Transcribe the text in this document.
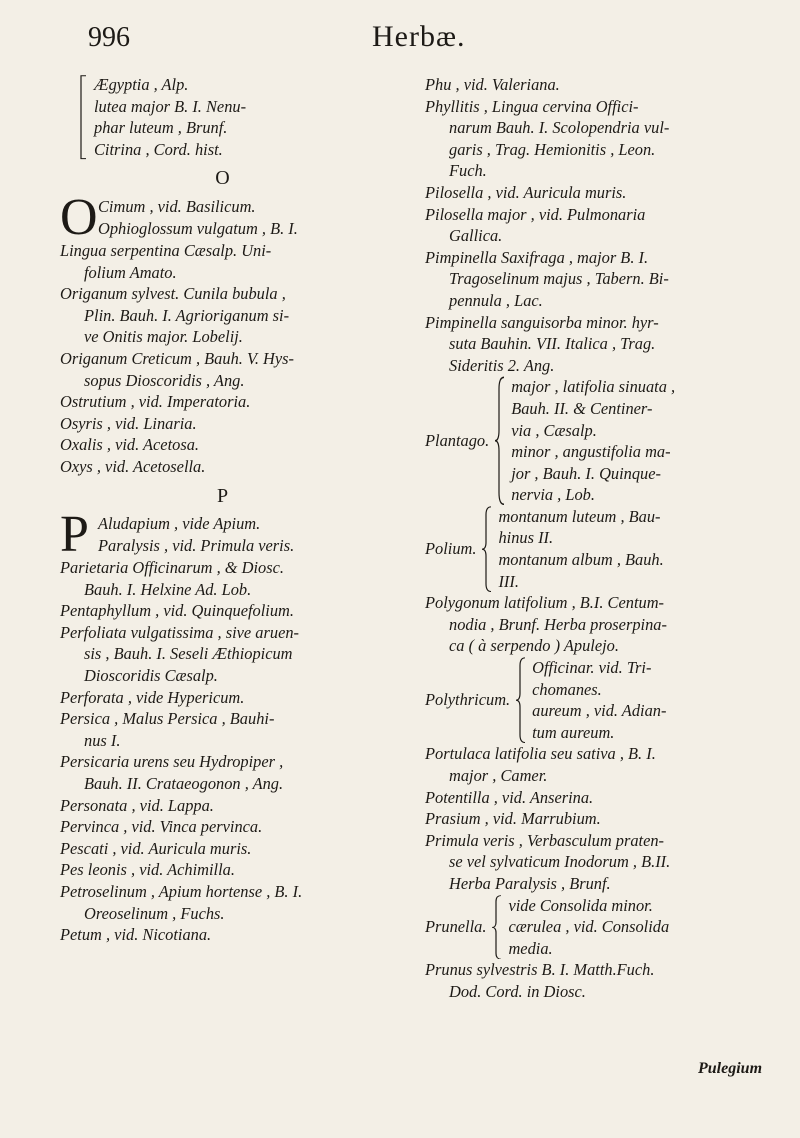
996	Herbæ.
Ægyptia , Alp.
lutea major B. I. Nenu-
phar luteum , Brunf.
Citrina , Cord. hist.
O
O Cimum , vid. Basilicum.
Ophioglossum vulgatum , B. I.
Lingua serpentina Cæsalp. Uni-
folium Amato.
Origanum sylvest. Cunila bubula ,
Plin. Bauh. I. Agrioriganum si-
ve Onitis major. Lobelij.
Origanum Creticum , Bauh. V. Hys-
sopus Dioscoridis , Ang.
Ostrutium , vid. Imperatoria.
Osyris , vid. Linaria.
Oxalis , vid. Acetosa.
Oxys , vid. Acetosella.
P
P Aludapium , vide Apium.
Paralysis , vid. Primula veris.
Parietaria Officinarum , & Diosc.
Bauh. I. Helxine Ad. Lob.
Pentaphyllum , vid. Quinquefolium.
Perfoliata vulgatissima , sive aruen-
sis , Bauh. I. Seseli Æthiopicum
Dioscoridis Cæsalp.
Perforata , vide Hypericum.
Persica , Malus Persica , Bauhi-
nus I.
Persicaria urens seu Hydropiper ,
Bauh. II. Crataeogonon , Ang.
Personata , vid. Lappa.
Pervinca , vid. Vinca pervinca.
Pescati , vid. Auricula muris.
Pes leonis , vid. Achimilla.
Petroselinum , Apium hortense , B. I.
Oreoselinum , Fuchs.
Petum , vid. Nicotiana.
Phu , vid. Valeriana.
Phyllitis , Lingua cervina Offici-
narum Bauh. I. Scolopendria vul-
garis , Trag. Hemionitis , Leon.
Fuch.
Pilosella , vid. Auricula muris.
Pilosella major , vid. Pulmonaria
Gallica.
Pimpinella Saxifraga , major B. I.
Tragoselinum majus , Tabern. Bi-
pennula , Lac.
Pimpinella sanguisorba minor. hyr-
suta Bauhin. VII. Italica , Trag.
Sideritis 2. Ang.
Plantago.
major , latifolia sinuata ,
Bauh. II. & Centiner-
via , Cæsalp.
minor , angustifolia ma-
jor , Bauh. I. Quinque-
nervia , Lob.
Polium.
montanum luteum , Bau-
hinus II.
montanum album , Bauh.
III.
Polygonum latifolium , B.I. Centum-
nodia , Brunf. Herba proserpina-
ca ( à serpendo ) Apulejo.
Polythricum.
Officinar. vid. Tri-
chomanes.
aureum , vid. Adian-
tum aureum.
Portulaca latifolia seu sativa , B. I.
major , Camer.
Potentilla , vid. Anserina.
Prasium , vid. Marrubium.
Primula veris , Verbasculum praten-
se vel sylvaticum Inodorum , B.II.
Herba Paralysis , Brunf.
Prunella.
vide Consolida minor.
cærulea , vid. Consolida
media.
Prunus sylvestris B. I. Matth.Fuch.
Dod. Cord. in Diosc.
Pulegium
